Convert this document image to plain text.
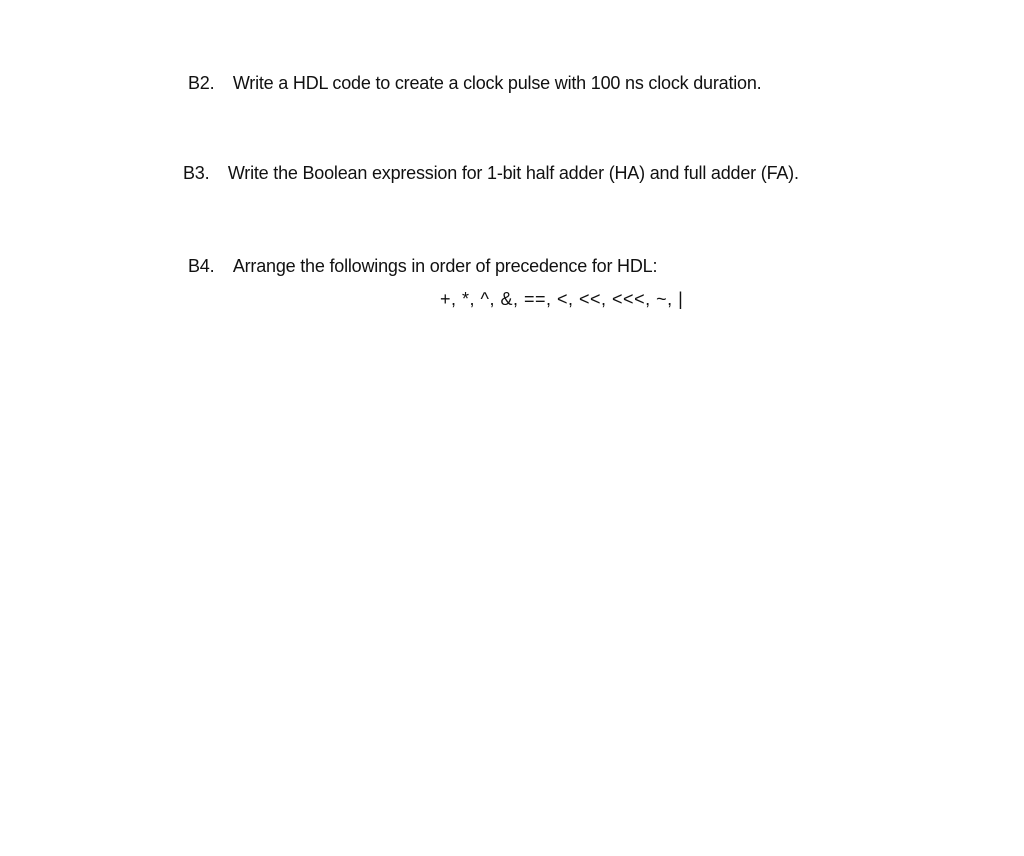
B2. Write a HDL code to create a clock pulse with 100 ns clock duration.
B3. Write the Boolean expression for 1-bit half adder (HA) and full adder (FA).
B4. Arrange the followings in order of precedence for HDL:
+, *, ^, &, ==, <, <<, <<<, ~, |
